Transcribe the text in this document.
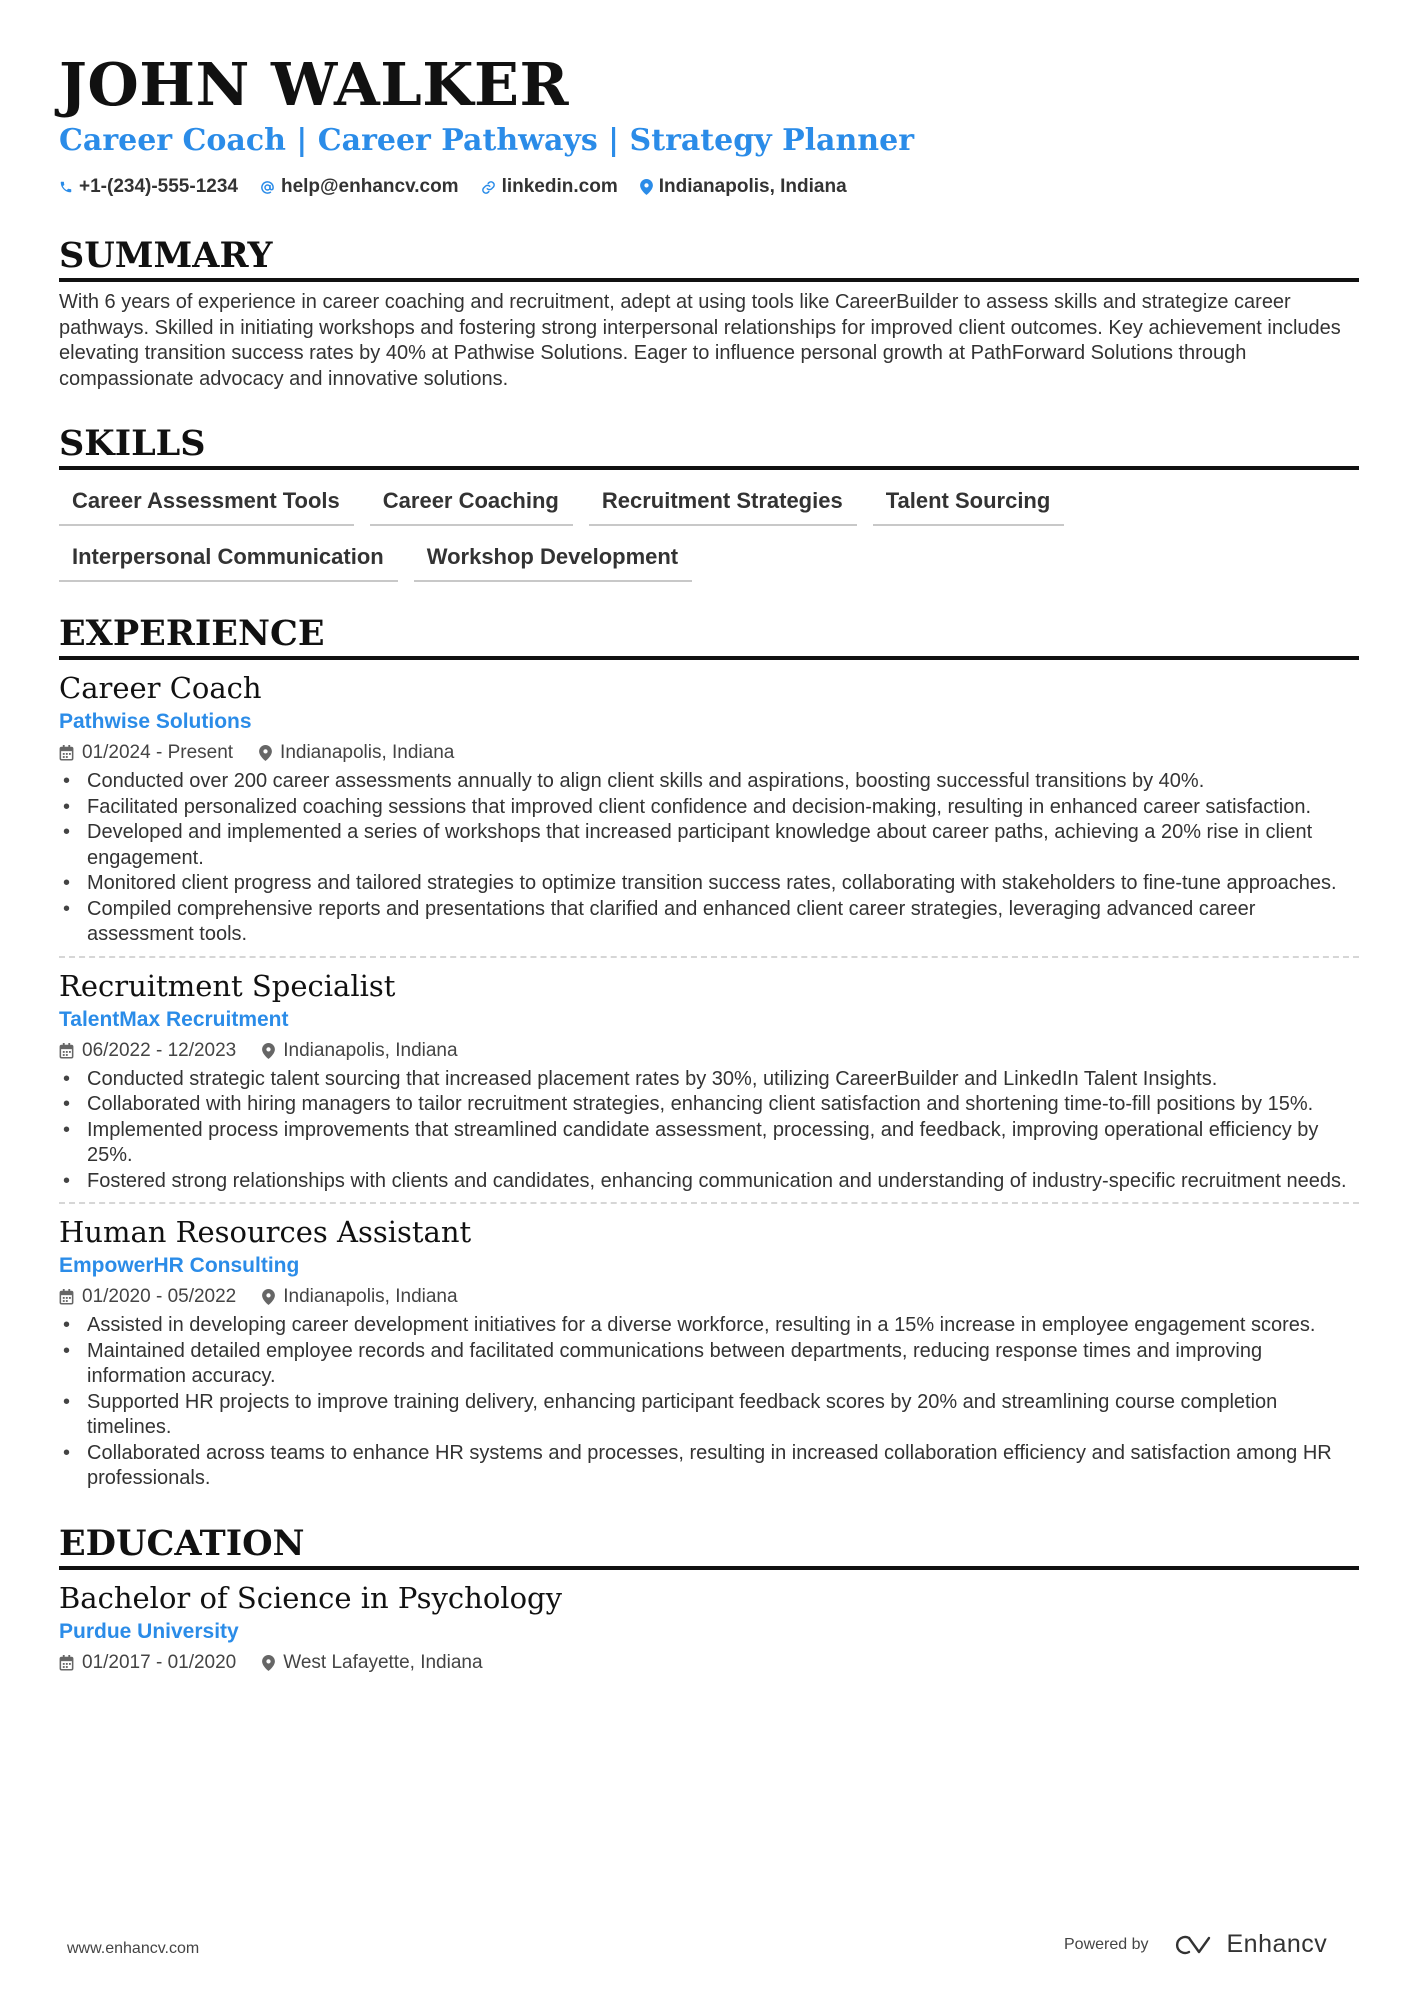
JOHN WALKER
Career Coach | Career Pathways | Strategy Planner
+1-(234)-555-1234 help@enhancv.com linkedin.com Indianapolis, Indiana
SUMMARY
With 6 years of experience in career coaching and recruitment, adept at using tools like CareerBuilder to assess skills and strategize career pathways. Skilled in initiating workshops and fostering strong interpersonal relationships for improved client outcomes. Key achievement includes elevating transition success rates by 40% at Pathwise Solutions. Eager to influence personal growth at PathForward Solutions through compassionate advocacy and innovative solutions.
SKILLS
Career Assessment Tools	Career Coaching	Recruitment Strategies	Talent Sourcing
Interpersonal Communication	Workshop Development
EXPERIENCE
Career Coach
Pathwise Solutions
01/2024 - Present Indianapolis, Indiana
• Conducted over 200 career assessments annually to align client skills and aspirations, boosting successful transitions by 40%.
• Facilitated personalized coaching sessions that improved client confidence and decision-making, resulting in enhanced career satisfaction.
• Developed and implemented a series of workshops that increased participant knowledge about career paths, achieving a 20% rise in client engagement.
• Monitored client progress and tailored strategies to optimize transition success rates, collaborating with stakeholders to fine-tune approaches.
• Compiled comprehensive reports and presentations that clarified and enhanced client career strategies, leveraging advanced career assessment tools.
Recruitment Specialist
TalentMax Recruitment
06/2022 - 12/2023 Indianapolis, Indiana
• Conducted strategic talent sourcing that increased placement rates by 30%, utilizing CareerBuilder and LinkedIn Talent Insights.
• Collaborated with hiring managers to tailor recruitment strategies, enhancing client satisfaction and shortening time-to-fill positions by 15%.
• Implemented process improvements that streamlined candidate assessment, processing, and feedback, improving operational efficiency by 25%.
• Fostered strong relationships with clients and candidates, enhancing communication and understanding of industry-specific recruitment needs.
Human Resources Assistant
EmpowerHR Consulting
01/2020 - 05/2022 Indianapolis, Indiana
• Assisted in developing career development initiatives for a diverse workforce, resulting in a 15% increase in employee engagement scores.
• Maintained detailed employee records and facilitated communications between departments, reducing response times and improving information accuracy.
• Supported HR projects to improve training delivery, enhancing participant feedback scores by 20% and streamlining course completion timelines.
• Collaborated across teams to enhance HR systems and processes, resulting in increased collaboration efficiency and satisfaction among HR professionals.
EDUCATION
Bachelor of Science in Psychology
Purdue University
01/2017 - 01/2020 West Lafayette, Indiana
www.enhancv.com	Powered by	Enhancv
